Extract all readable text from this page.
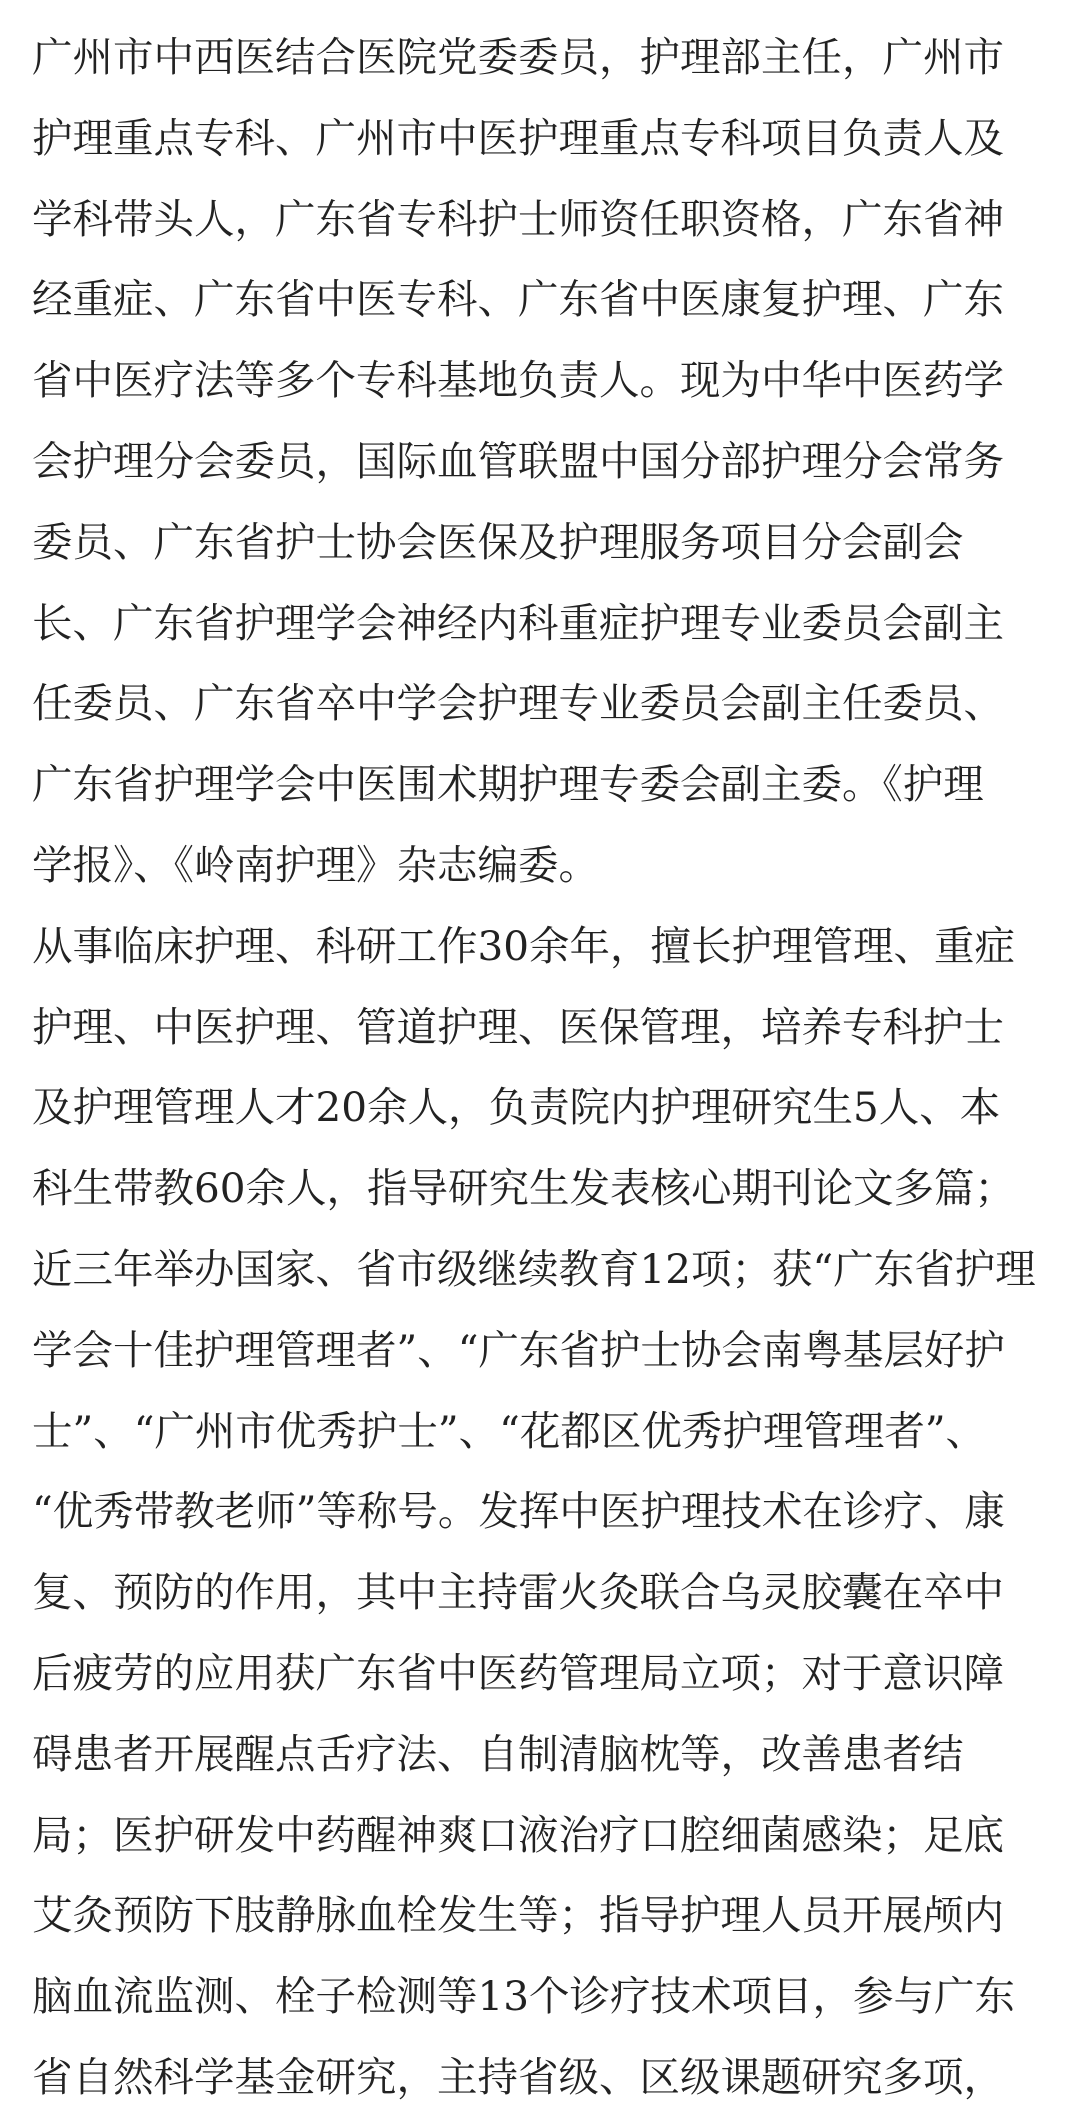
广州市中西医结合医院党委委员，护理部主任，广州市
护理重点专科、广州市中医护理重点专科项目负责人及
学科带头人，广东省专科护士师资任职资格，广东省神
经重症、广东省中医专科、广东省中医康复护理、广东
省中医疗法等多个专科基地负责人。现为中华中医药学
会护理分会委员，国际血管联盟中国分部护理分会常务
委员、广东省护士协会医保及护理服务项目分会副会
长、广东省护理学会神经内科重症护理专业委员会副主
任委员、广东省卒中学会护理专业委员会副主任委员、
广东省护理学会中医围术期护理专委会副主委。《护理
学报》、《岭南护理》杂志编委。
从事临床护理、科研工作30余年，擅长护理管理、重症
护理、中医护理、管道护理、医保管理，培养专科护士
及护理管理人才20余人，负责院内护理研究生5人、本
科生带教60余人，指导研究生发表核心期刊论文多篇；
近三年举办国家、省市级继续教育12项；获“广东省护理
学会十佳护理管理者”、“广东省护士协会南粤基层好护
士”、“广州市优秀护士”、“花都区优秀护理管理者”、
“优秀带教老师”等称号。发挥中医护理技术在诊疗、康
复、预防的作用，其中主持雷火灸联合乌灵胶囊在卒中
后疲劳的应用获广东省中医药管理局立项；对于意识障
碍患者开展醒点舌疗法、自制清脑枕等，改善患者结
局；医护研发中药醒神爽口液治疗口腔细菌感染；足底
艾灸预防下肢静脉血栓发生等；指导护理人员开展颅内
脑血流监测、栓子检测等13个诊疗技术项目，参与广东
省自然科学基金研究，主持省级、区级课题研究多项，
